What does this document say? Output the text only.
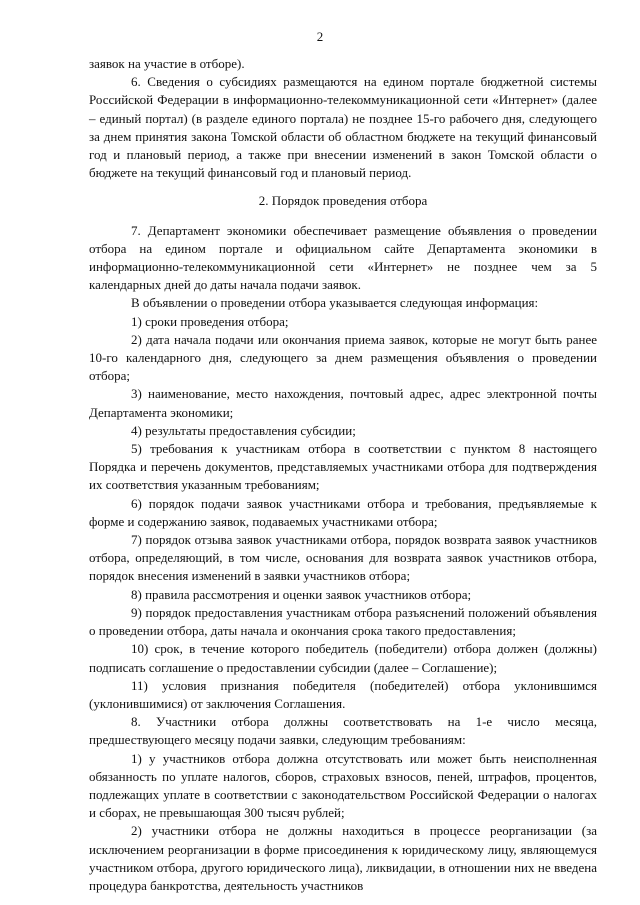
2

заявок на участие в отборе).

6. Сведения о субсидиях размещаются на едином портале бюджетной системы Российской Федерации в информационно-телекоммуникационной сети «Интернет» (далее – единый портал) (в разделе единого портала) не позднее 15-го рабочего дня, следующего за днем принятия закона Томской области об областном бюджете на текущий финансовый год и плановый период, а также при внесении изменений в закон Томской области о бюджете на текущий финансовый год и плановый период.

2. Порядок проведения отбора

7. Департамент экономики обеспечивает размещение объявления о проведении отбора на едином портале и официальном сайте Департамента экономики в информационно-телекоммуникационной сети «Интернет» не позднее чем за 5 календарных дней до даты начала подачи заявок.

В объявлении о проведении отбора указывается следующая информация:

1) сроки проведения отбора;

2) дата начала подачи или окончания приема заявок, которые не могут быть ранее 10-го календарного дня, следующего за днем размещения объявления о проведении отбора;

3) наименование, место нахождения, почтовый адрес, адрес электронной почты Департамента экономики;

4) результаты предоставления субсидии;

5) требования к участникам отбора в соответствии с пунктом 8 настоящего Порядка и перечень документов, представляемых участниками отбора для подтверждения их соответствия указанным требованиям;

6) порядок подачи заявок участниками отбора и требования, предъявляемые к форме и содержанию заявок, подаваемых участниками отбора;

7) порядок отзыва заявок участниками отбора, порядок возврата заявок участников отбора, определяющий, в том числе, основания для возврата заявок участников отбора, порядок внесения изменений в заявки участников отбора;

8) правила рассмотрения и оценки заявок участников отбора;

9) порядок предоставления участникам отбора разъяснений положений объявления о проведении отбора, даты начала и окончания срока такого предоставления;

10) срок, в течение которого победитель (победители) отбора должен (должны) подписать соглашение о предоставлении субсидии (далее – Соглашение);

11) условия признания победителя (победителей) отбора уклонившимся (уклонившимися) от заключения Соглашения.

8. Участники отбора должны соответствовать на 1-е число месяца, предшествующего месяцу подачи заявки, следующим требованиям:

1) у участников отбора должна отсутствовать или может быть неисполненная обязанность по уплате налогов, сборов, страховых взносов, пеней, штрафов, процентов, подлежащих уплате в соответствии с законодательством Российской Федерации о налогах и сборах, не превышающая 300 тысяч рублей;

2) участники отбора не должны находиться в процессе реорганизации (за исключением реорганизации в форме присоединения к юридическому лицу, являющемуся участником отбора, другого юридического лица), ликвидации, в отношении них не введена процедура банкротства, деятельность участников
